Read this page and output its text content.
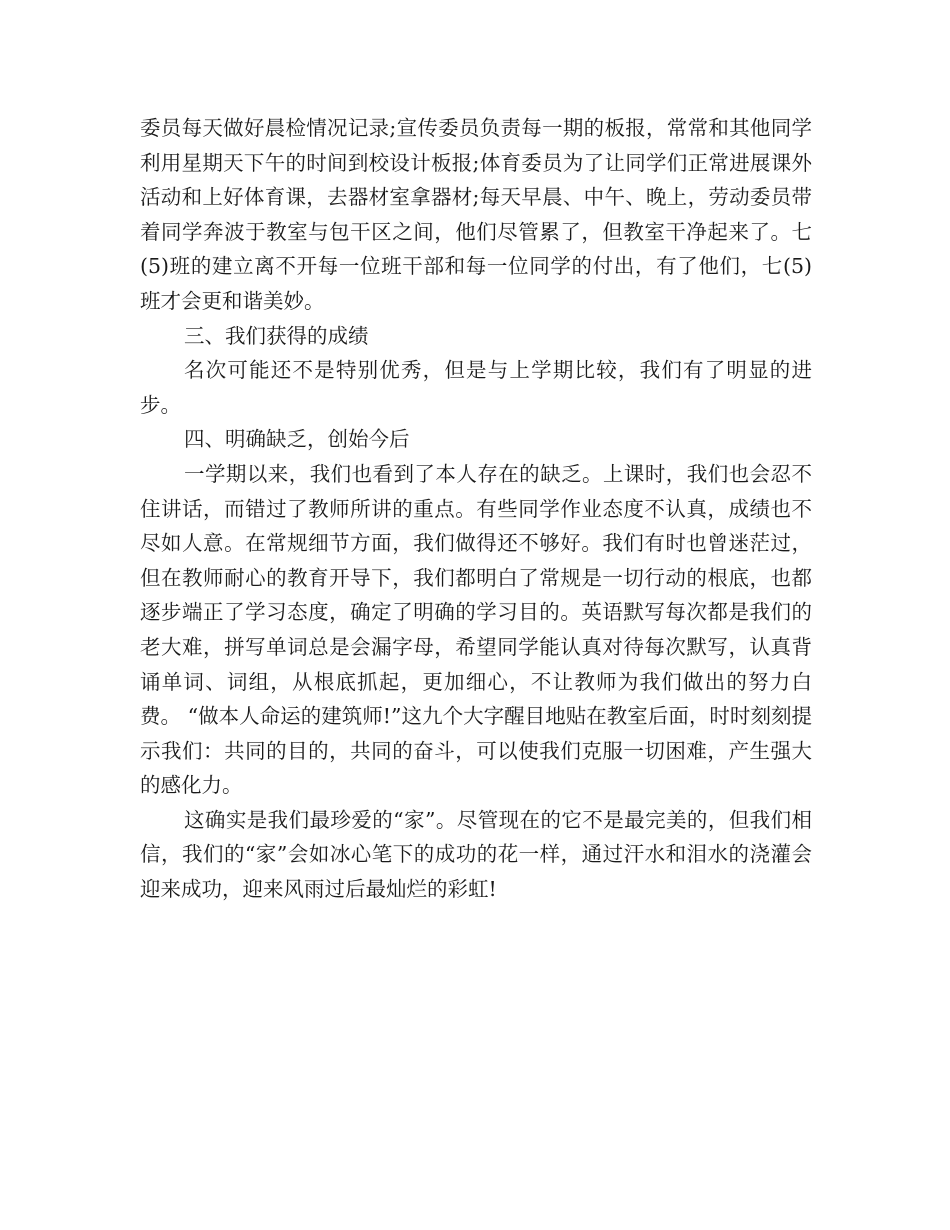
委员每天做好晨检情况记录;宣传委员负责每一期的板报，常常和其他同学利用星期天下午的时间到校设计板报;体育委员为了让同学们正常进展课外活动和上好体育课，去器材室拿器材;每天早晨、中午、晚上，劳动委员带着同学奔波于教室与包干区之间，他们尽管累了，但教室干净起来了。七(5)班的建立离不开每一位班干部和每一位同学的付出，有了他们，七(5)班才会更和谐美妙。

三、我们获得的成绩

名次可能还不是特别优秀，但是与上学期比较，我们有了明显的进步。

四、明确缺乏，创始今后

一学期以来，我们也看到了本人存在的缺乏。上课时，我们也会忍不住讲话，而错过了教师所讲的重点。有些同学作业态度不认真，成绩也不尽如人意。在常规细节方面，我们做得还不够好。我们有时也曾迷茫过，但在教师耐心的教育开导下，我们都明白了常规是一切行动的根底，也都逐步端正了学习态度，确定了明确的学习目的。英语默写每次都是我们的老大难，拼写单词总是会漏字母，希望同学能认真对待每次默写，认真背诵单词、词组，从根底抓起，更加细心，不让教师为我们做出的努力白费。 “做本人命运的建筑师!”这九个大字醒目地贴在教室后面，时时刻刻提示我们：共同的目的，共同的奋斗，可以使我们克服一切困难，产生强大的感化力。

这确实是我们最珍爱的“家”。尽管现在的它不是最完美的，但我们相信，我们的“家”会如冰心笔下的成功的花一样，通过汗水和泪水的浇灌会迎来成功，迎来风雨过后最灿烂的彩虹!
